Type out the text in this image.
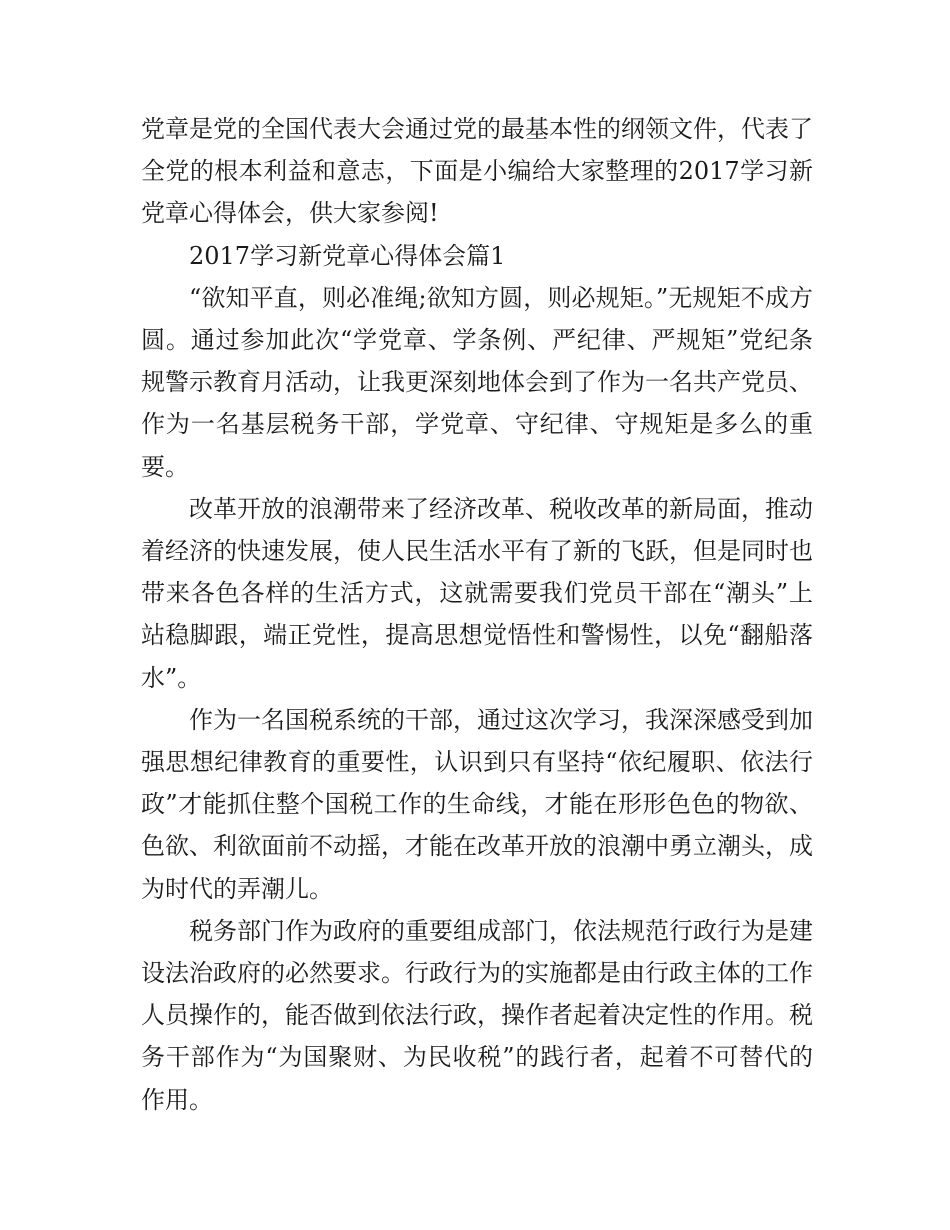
党章是党的全国代表大会通过党的最基本性的纲领文件，代表了全党的根本利益和意志，下面是小编给大家整理的2017学习新党章心得体会，供大家参阅!

2017学习新党章心得体会篇1

“欲知平直，则必准绳;欲知方圆，则必规矩。”无规矩不成方圆。通过参加此次“学党章、学条例、严纪律、严规矩”党纪条规警示教育月活动，让我更深刻地体会到了作为一名共产党员、作为一名基层税务干部，学党章、守纪律、守规矩是多么的重要。

改革开放的浪潮带来了经济改革、税收改革的新局面，推动着经济的快速发展，使人民生活水平有了新的飞跃，但是同时也带来各色各样的生活方式，这就需要我们党员干部在“潮头”上站稳脚跟，端正党性，提高思想觉悟性和警惕性，以免“翻船落水”。

作为一名国税系统的干部，通过这次学习，我深深感受到加强思想纪律教育的重要性，认识到只有坚持“依纪履职、依法行政”才能抓住整个国税工作的生命线，才能在形形色色的物欲、色欲、利欲面前不动摇，才能在改革开放的浪潮中勇立潮头，成为时代的弄潮儿。

税务部门作为政府的重要组成部门，依法规范行政行为是建设法治政府的必然要求。行政行为的实施都是由行政主体的工作人员操作的，能否做到依法行政，操作者起着决定性的作用。税务干部作为“为国聚财、为民收税”的践行者，起着不可替代的作用。
